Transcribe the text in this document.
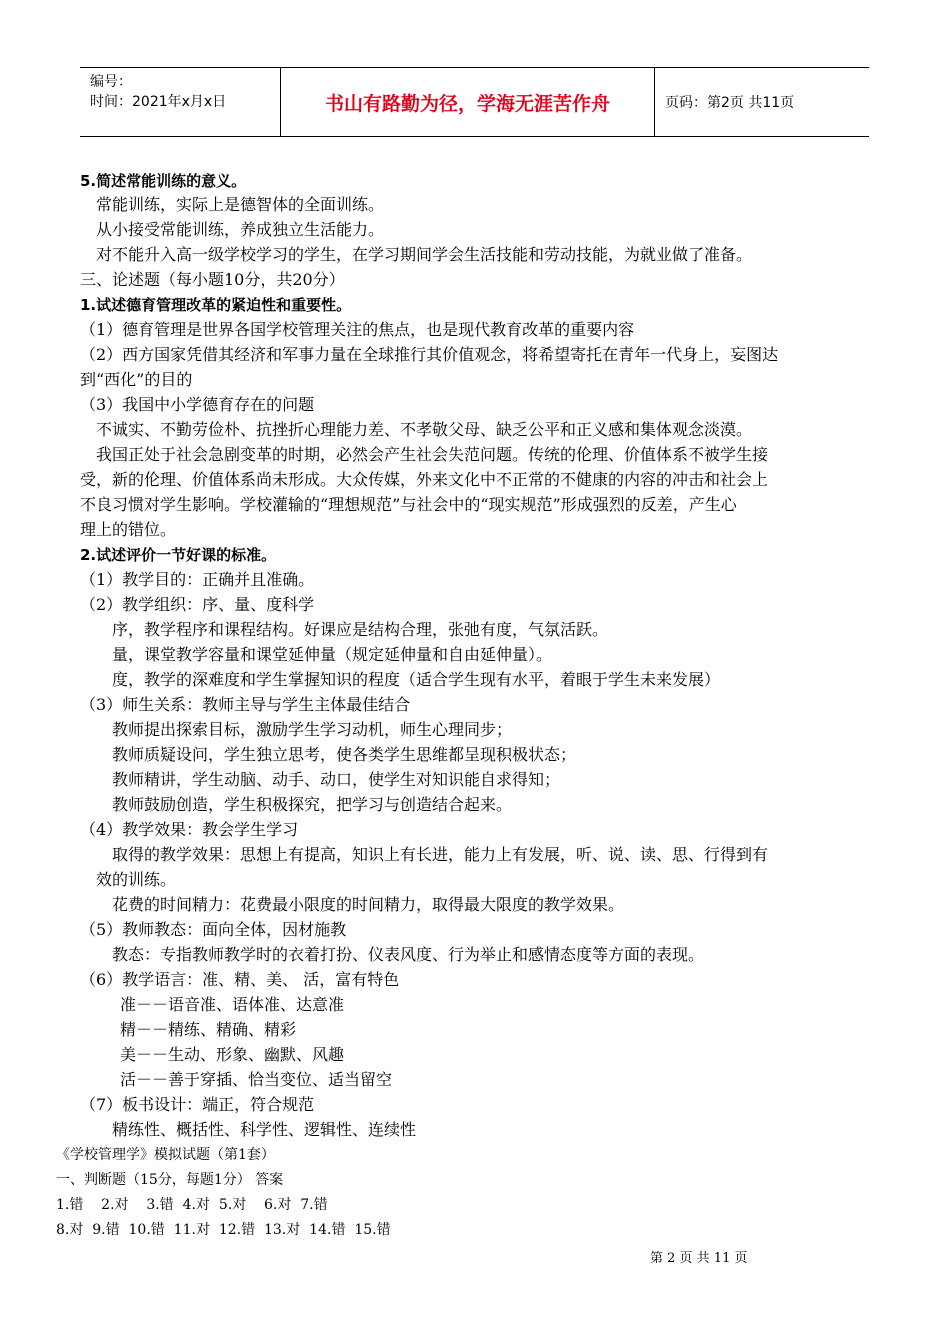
编号：
时间：2021年x月x日	书山有路勤为径，学海无涯苦作舟	页码：第2页 共11页
5.简述常能训练的意义。
常能训练，实际上是德智体的全面训练。
从小接受常能训练，养成独立生活能力。
对不能升入高一级学校学习的学生，在学习期间学会生活技能和劳动技能，为就业做了准备。
三、论述题（每小题10分，共20分）
1.试述德育管理改革的紧迫性和重要性。
（1）德育管理是世界各国学校管理关注的焦点，也是现代教育改革的重要内容
（2）西方国家凭借其经济和军事力量在全球推行其价值观念，将希望寄托在青年一代身上，妄图达
到“西化”的目的
（3）我国中小学德育存在的问题
不诚实、不勤劳俭朴、抗挫折心理能力差、不孝敬父母、缺乏公平和正义感和集体观念淡漠。
我国正处于社会急剧变革的时期，必然会产生社会失范问题。传统的伦理、价值体系不被学生接
受，新的伦理、价值体系尚未形成。大众传媒，外来文化中不正常的不健康的内容的冲击和社会上
不良习惯对学生影响。学校灌输的“理想规范”与社会中的“现实规范”形成强烈的反差，产生心
理上的错位。
2.试述评价一节好课的标准。
（1）教学目的：正确并且准确。
（2）教学组织：序、量、度科学
序，教学程序和课程结构。好课应是结构合理，张弛有度，气氛活跃。
量，课堂教学容量和课堂延伸量（规定延伸量和自由延伸量）。
度，教学的深难度和学生掌握知识的程度（适合学生现有水平，着眼于学生未来发展）
（3）师生关系：教师主导与学生主体最佳结合
教师提出探索目标，激励学生学习动机，师生心理同步；
教师质疑设问，学生独立思考，使各类学生思维都呈现积极状态；
教师精讲，学生动脑、动手、动口，使学生对知识能自求得知；
教师鼓励创造，学生积极探究，把学习与创造结合起来。
（4）教学效果：教会学生学习
取得的教学效果：思想上有提高，知识上有长进，能力上有发展，听、说、读、思、行得到有
效的训练。
花费的时间精力：花费最小限度的时间精力，取得最大限度的教学效果。
（5）教师教态：面向全体，因材施教
教态：专指教师教学时的衣着打扮、仪表风度、行为举止和感情态度等方面的表现。
（6）教学语言：准、精、美、 活，富有特色
准－－语音准、语体准、达意准
精－－精练、精确、精彩
美－－生动、形象、幽默、风趣
活－－善于穿插、恰当变位、适当留空
（7）板书设计：端正，符合规范
精练性、概括性、科学性、逻辑性、连续性
《学校管理学》模拟试题（第1套）
一、判断题（15分，每题1分） 答案
1.错    2.对    3.错  4.对  5.对    6.对  7.错
8.对  9.错  10.错  11.对  12.错  13.对  14.错  15.错
第 2 页 共 11 页
